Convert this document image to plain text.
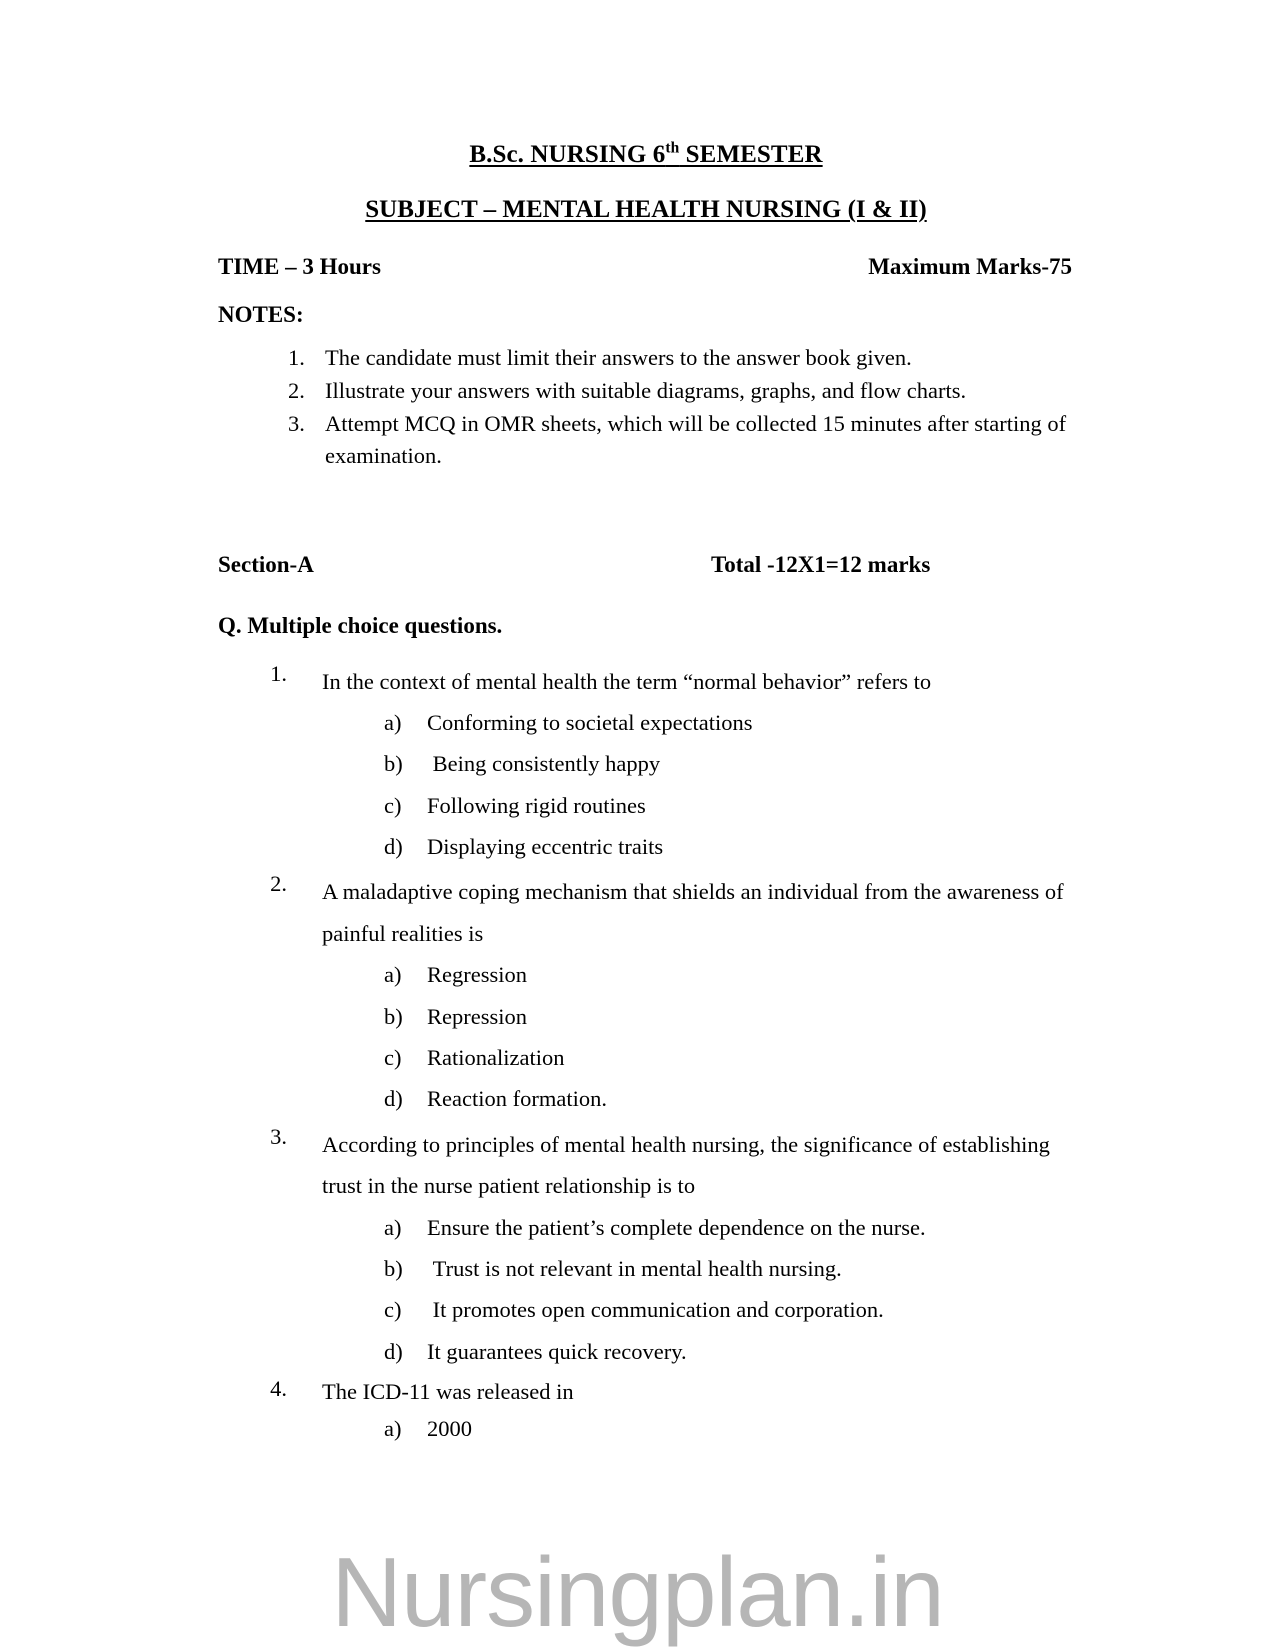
B.Sc. NURSING 6th SEMESTER
SUBJECT – MENTAL HEALTH NURSING (I & II)
TIME – 3 Hours	Maximum Marks-75
NOTES:
1. The candidate must limit their answers to the answer book given.
2. Illustrate your answers with suitable diagrams, graphs, and flow charts.
3. Attempt MCQ in OMR sheets, which will be collected 15 minutes after starting of examination.
Section-A	Total -12X1=12 marks
Q. Multiple choice questions.
1. In the context of mental health the term “normal behavior” refers to
a)	Conforming to societal expectations
b)	Being consistently happy
c)	Following rigid routines
d)	Displaying eccentric traits
2. A maladaptive coping mechanism that shields an individual from the awareness of painful realities is
a)	Regression
b)	Repression
c)	Rationalization
d)	Reaction formation.
3. According to principles of mental health nursing, the significance of establishing trust in the nurse patient relationship is to
a)	Ensure the patient’s complete dependence on the nurse.
b)	Trust is not relevant in mental health nursing.
c)	It promotes open communication and corporation.
d)	It guarantees quick recovery.
4. The ICD-11 was released in
a)	2000
Nursingplan.in
